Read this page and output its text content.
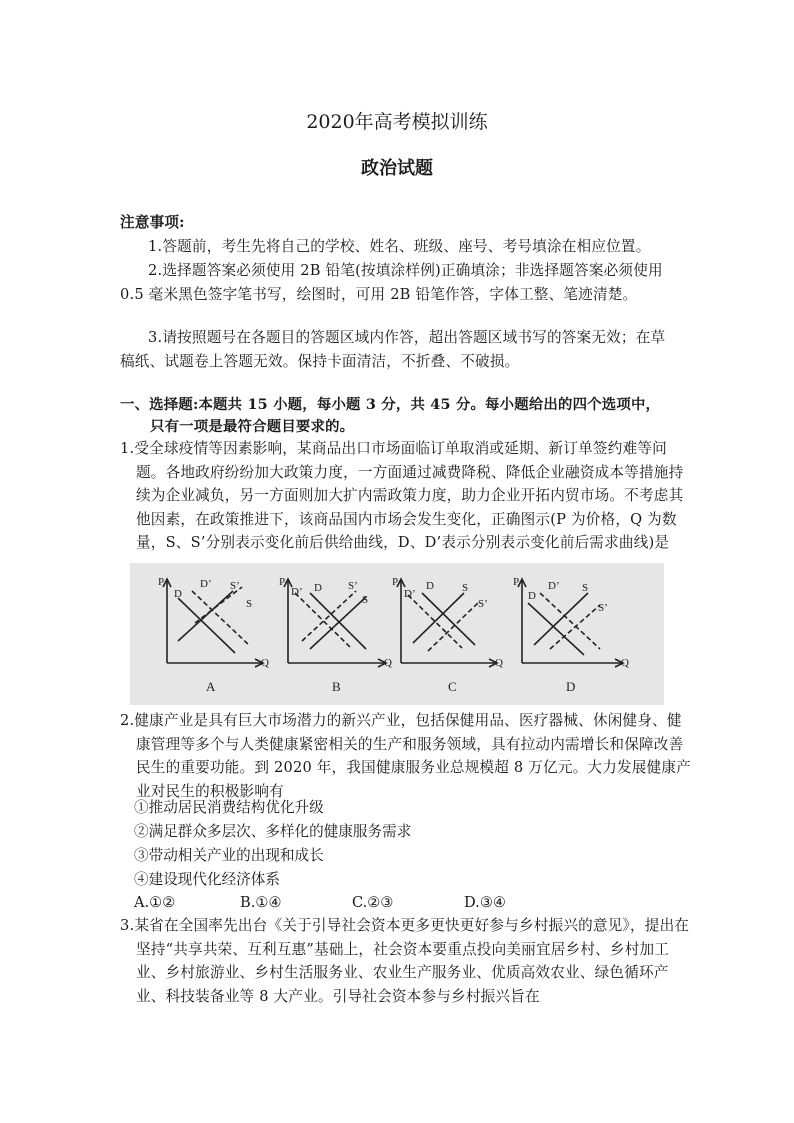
2020年高考模拟训练
政治试题
注意事项:
1.答题前，考生先将自己的学校、姓名、班级、座号、考号填涂在相应位置。
2.选择题答案必须使用 2B 铅笔(按填涂样例)正确填涂；非选择题答案必须使用 0.5 毫米黑色签字笔书写，绘图时，可用 2B 铅笔作答，字体工整、笔迹清楚。
3.请按照题号在各题目的答题区域内作答，超出答题区域书写的答案无效；在草稿纸、试题卷上答题无效。保持卡面清洁，不折叠、不破损。
一、选择题:本题共 15 小题，每小题 3 分，共 45 分。每小题给出的四个选项中，
只有一项是最符合题目要求的。
1.受全球疫情等因素影响，某商品出口市场面临订单取消或延期、新订单签约难等问题。各地政府纷纷加大政策力度，一方面通过减费降税、降低企业融资成本等措施持续为企业减负，另一方面则加大扩内需政策力度，助力企业开拓内贸市场。不考虑其他因素，在政策推进下，该商品国内市场会发生变化，正确图示(P 为价格，Q 为数量，S、S’分别表示变化前后供给曲线，D、D’表示分别表示变化前后需求曲线)是
P
Q
D
D’ S’
S
A
P
Q
D’ D S’
S
B
P
Q
D’
D	S
S’
C
P
Q
D’
D
S
S’
D
2.健康产业是具有巨大市场潜力的新兴产业，包括保健用品、医疗器械、休闲健身、健康管理等多个与人类健康紧密相关的生产和服务领域，具有拉动内需增长和保障改善民生的重要功能。到 2020 年，我国健康服务业总规模超 8 万亿元。大力发展健康产业对民生的积极影响有
①推动居民消费结构优化升级
②满足群众多层次、多样化的健康服务需求
③带动相关产业的出现和成长
④建设现代化经济体系
A.①②	B.①④	C.②③	D.③④
3.某省在全国率先出台《关于引导社会资本更多更快更好参与乡村振兴的意见》，提出在坚持“共享共荣、互利互惠”基础上，社会资本要重点投向美丽宜居乡村、乡村加工业、乡村旅游业、乡村生活服务业、农业生产服务业、优质高效农业、绿色循环产业、科技装备业等 8 大产业。引导社会资本参与乡村振兴旨在
